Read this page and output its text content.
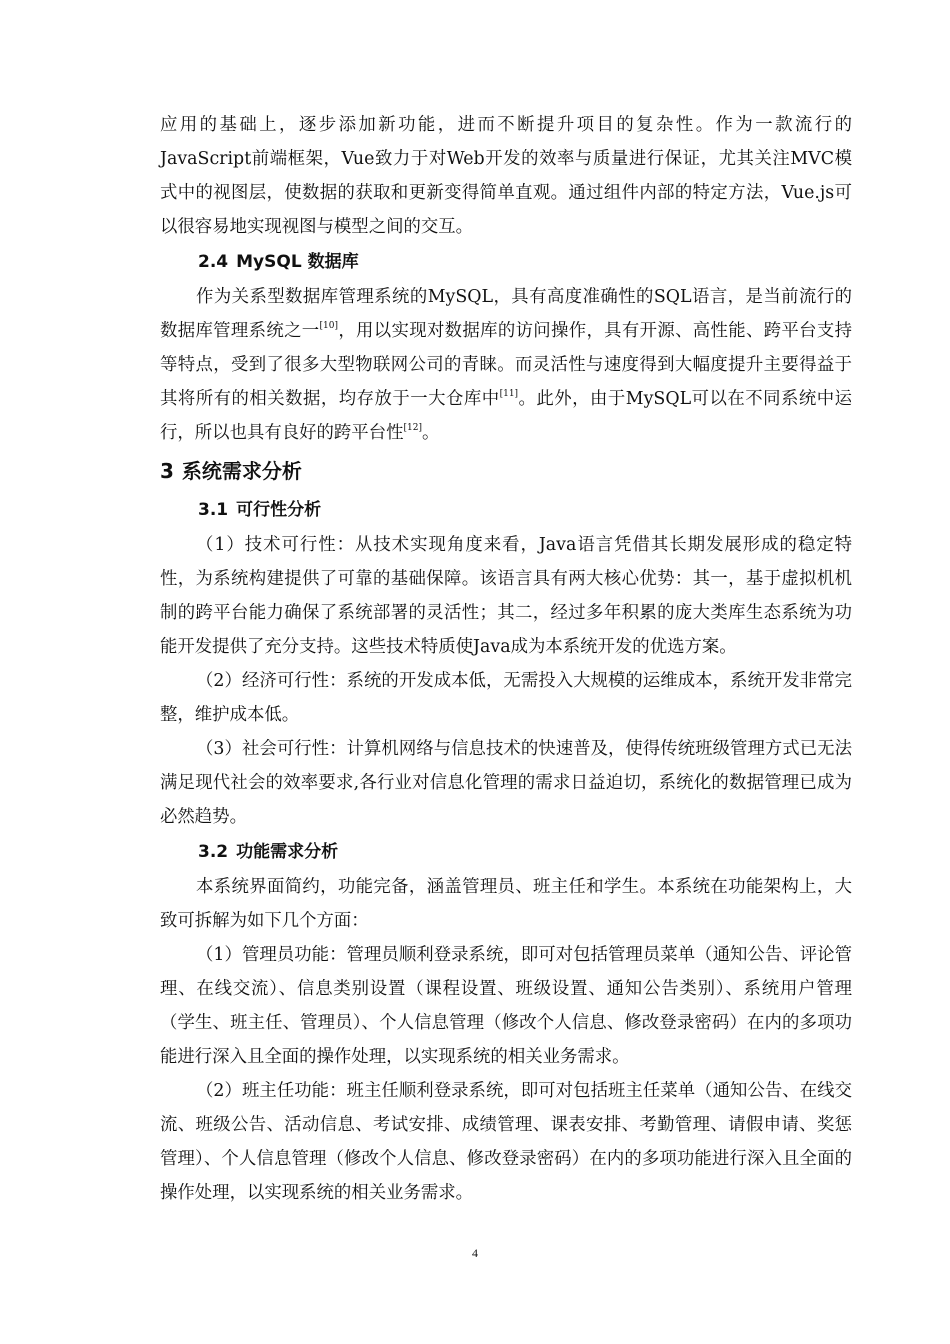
应用的基础上，逐步添加新功能，进而不断提升项目的复杂性。作为一款流行的JavaScript前端框架，Vue致力于对Web开发的效率与质量进行保证，尤其关注MVC模式中的视图层，使数据的获取和更新变得简单直观。通过组件内部的特定方法，Vue.js可以很容易地实现视图与模型之间的交互。

2.4 MySQL 数据库

作为关系型数据库管理系统的MySQL，具有高度准确性的SQL语言，是当前流行的数据库管理系统之一[10]，用以实现对数据库的访问操作，具有开源、高性能、跨平台支持等特点，受到了很多大型物联网公司的青睐。而灵活性与速度得到大幅度提升主要得益于其将所有的相关数据，均存放于一大仓库中[11]。此外，由于MySQL可以在不同系统中运行，所以也具有良好的跨平台性[12]。

3 系统需求分析
3.1 可行性分析

（1）技术可行性：从技术实现角度来看，Java语言凭借其长期发展形成的稳定特性，为系统构建提供了可靠的基础保障。该语言具有两大核心优势：其一，基于虚拟机机制的跨平台能力确保了系统部署的灵活性；其二，经过多年积累的庞大类库生态系统为功能开发提供了充分支持。这些技术特质使Java成为本系统开发的优选方案。

（2）经济可行性：系统的开发成本低，无需投入大规模的运维成本，系统开发非常完整，维护成本低。

（3）社会可行性：计算机网络与信息技术的快速普及，使得传统班级管理方式已无法满足现代社会的效率要求,各行业对信息化管理的需求日益迫切，系统化的数据管理已成为必然趋势。

3.2 功能需求分析

本系统界面简约，功能完备，涵盖管理员、班主任和学生。本系统在功能架构上，大致可拆解为如下几个方面：

（1）管理员功能：管理员顺利登录系统，即可对包括管理员菜单（通知公告、评论管理、在线交流）、信息类别设置（课程设置、班级设置、通知公告类别）、系统用户管理（学生、班主任、管理员）、个人信息管理（修改个人信息、修改登录密码）在内的多项功能进行深入且全面的操作处理，以实现系统的相关业务需求。

（2）班主任功能：班主任顺利登录系统，即可对包括班主任菜单（通知公告、在线交流、班级公告、活动信息、考试安排、成绩管理、课表安排、考勤管理、请假申请、奖惩管理）、个人信息管理（修改个人信息、修改登录密码）在内的多项功能进行深入且全面的操作处理，以实现系统的相关业务需求。

4
